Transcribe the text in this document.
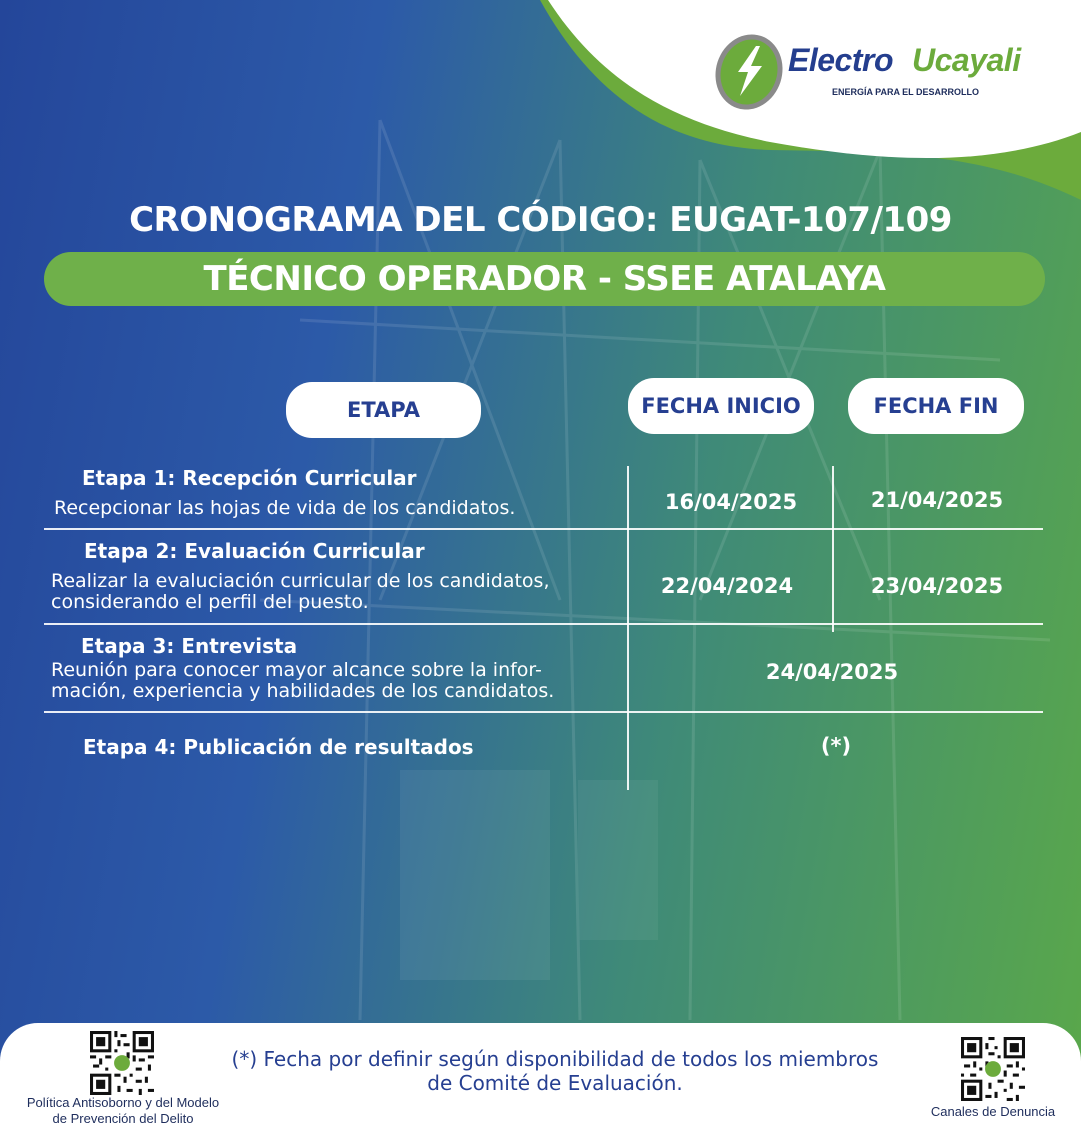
Electro Ucayali
ENERGÍA PARA EL DESARROLLO
CRONOGRAMA DEL CÓDIGO: EUGAT-107/109
TÉCNICO OPERADOR - SSEE ATALAYA
ETAPA	FECHA INICIO	FECHA FIN
Etapa 1: Recepción Curricular
Recepcionar las hojas de vida de los candidatos.	16/04/2025	21/04/2025
Etapa 2: Evaluación Curricular
Realizar la evaluciación curricular de los candidatos,
considerando el perfil del puesto.
22/04/2024	23/04/2025
Etapa 3: Entrevista
Reunión para conocer mayor alcance sobre la infor-
mación, experiencia y habilidades de los candidatos.
24/04/2025
Etapa 4: Publicación de resultados	(*)
(*) Fecha por definir según disponibilidad de todos los miembros
de Comité de Evaluación.
Política Antisoborno y del Modelo
de Prevención del Delito	Canales de Denuncia
